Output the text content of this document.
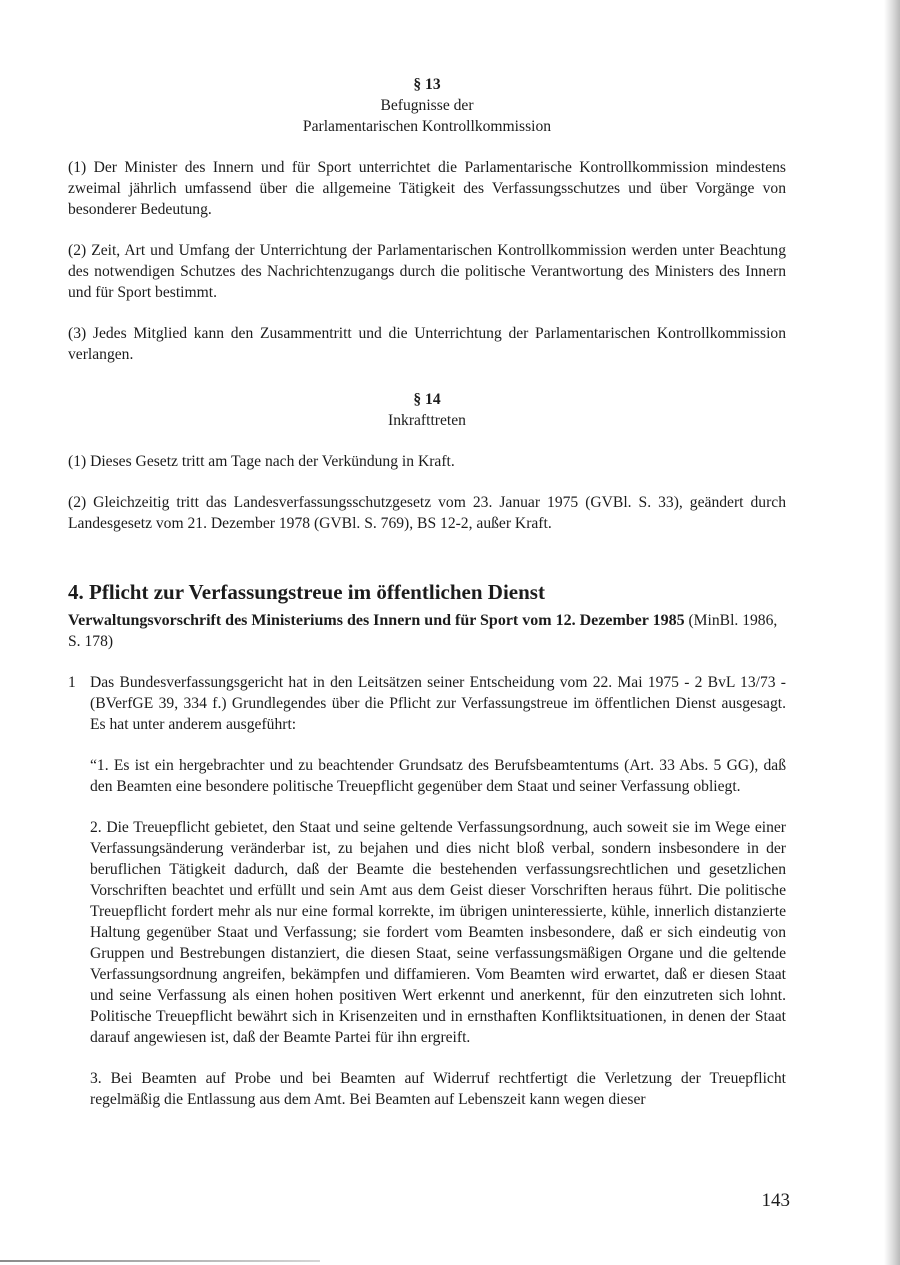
§ 13
Befugnisse der
Parlamentarischen Kontrollkommission

(1) Der Minister des Innern und für Sport unterrichtet die Parlamentarische Kontrollkommission mindestens zweimal jährlich umfassend über die allgemeine Tätigkeit des Verfassungsschutzes und über Vorgänge von besonderer Bedeutung.

(2) Zeit, Art und Umfang der Unterrichtung der Parlamentarischen Kontrollkommission werden unter Beachtung des notwendigen Schutzes des Nachrichtenzugangs durch die politische Verantwortung des Ministers des Innern und für Sport bestimmt.

(3) Jedes Mitglied kann den Zusammentritt und die Unterrichtung der Parlamentarischen Kontrollkommission verlangen.

§ 14
Inkrafttreten

(1) Dieses Gesetz tritt am Tage nach der Verkündung in Kraft.

(2) Gleichzeitig tritt das Landesverfassungsschutzgesetz vom 23. Januar 1975 (GVBl. S. 33), geändert durch Landesgesetz vom 21. Dezember 1978 (GVBl. S. 769), BS 12-2, außer Kraft.

4. Pflicht zur Verfassungstreue im öffentlichen Dienst
Verwaltungsvorschrift des Ministeriums des Innern und für Sport vom 12. Dezember 1985 (MinBl. 1986, S. 178)
1 Das Bundesverfassungsgericht hat in den Leitsätzen seiner Entscheidung vom 22. Mai 1975 - 2 BvL 13/73 - (BVerfGE 39, 334 f.) Grundlegendes über die Pflicht zur Verfassungstreue im öffentlichen Dienst ausgesagt. Es hat unter anderem ausgeführt:

“1. Es ist ein hergebrachter und zu beachtender Grundsatz des Berufsbeamtentums (Art. 33 Abs. 5 GG), daß den Beamten eine besondere politische Treuepflicht gegenüber dem Staat und seiner Verfassung obliegt.

2. Die Treuepflicht gebietet, den Staat und seine geltende Verfassungsordnung, auch soweit sie im Wege einer Verfassungsänderung veränderbar ist, zu bejahen und dies nicht bloß verbal, sondern insbesondere in der beruflichen Tätigkeit dadurch, daß der Beamte die bestehenden verfassungsrechtlichen und gesetzlichen Vorschriften beachtet und erfüllt und sein Amt aus dem Geist dieser Vorschriften heraus führt. Die politische Treuepflicht fordert mehr als nur eine formal korrekte, im übrigen uninteressierte, kühle, innerlich distanzierte Haltung gegenüber Staat und Verfassung; sie fordert vom Beamten insbesondere, daß er sich eindeutig von Gruppen und Bestrebungen distanziert, die diesen Staat, seine verfassungsmäßigen Organe und die geltende Verfassungsordnung angreifen, bekämpfen und diffamieren. Vom Beamten wird erwartet, daß er diesen Staat und seine Verfassung als einen hohen positiven Wert erkennt und anerkennt, für den einzutreten sich lohnt. Politische Treuepflicht bewährt sich in Krisenzeiten und in ernsthaften Konfliktsituationen, in denen der Staat darauf angewiesen ist, daß der Beamte Partei für ihn ergreift.

3. Bei Beamten auf Probe und bei Beamten auf Widerruf rechtfertigt die Verletzung der Treuepflicht regelmäßig die Entlassung aus dem Amt. Bei Beamten auf Lebenszeit kann wegen dieser

143
